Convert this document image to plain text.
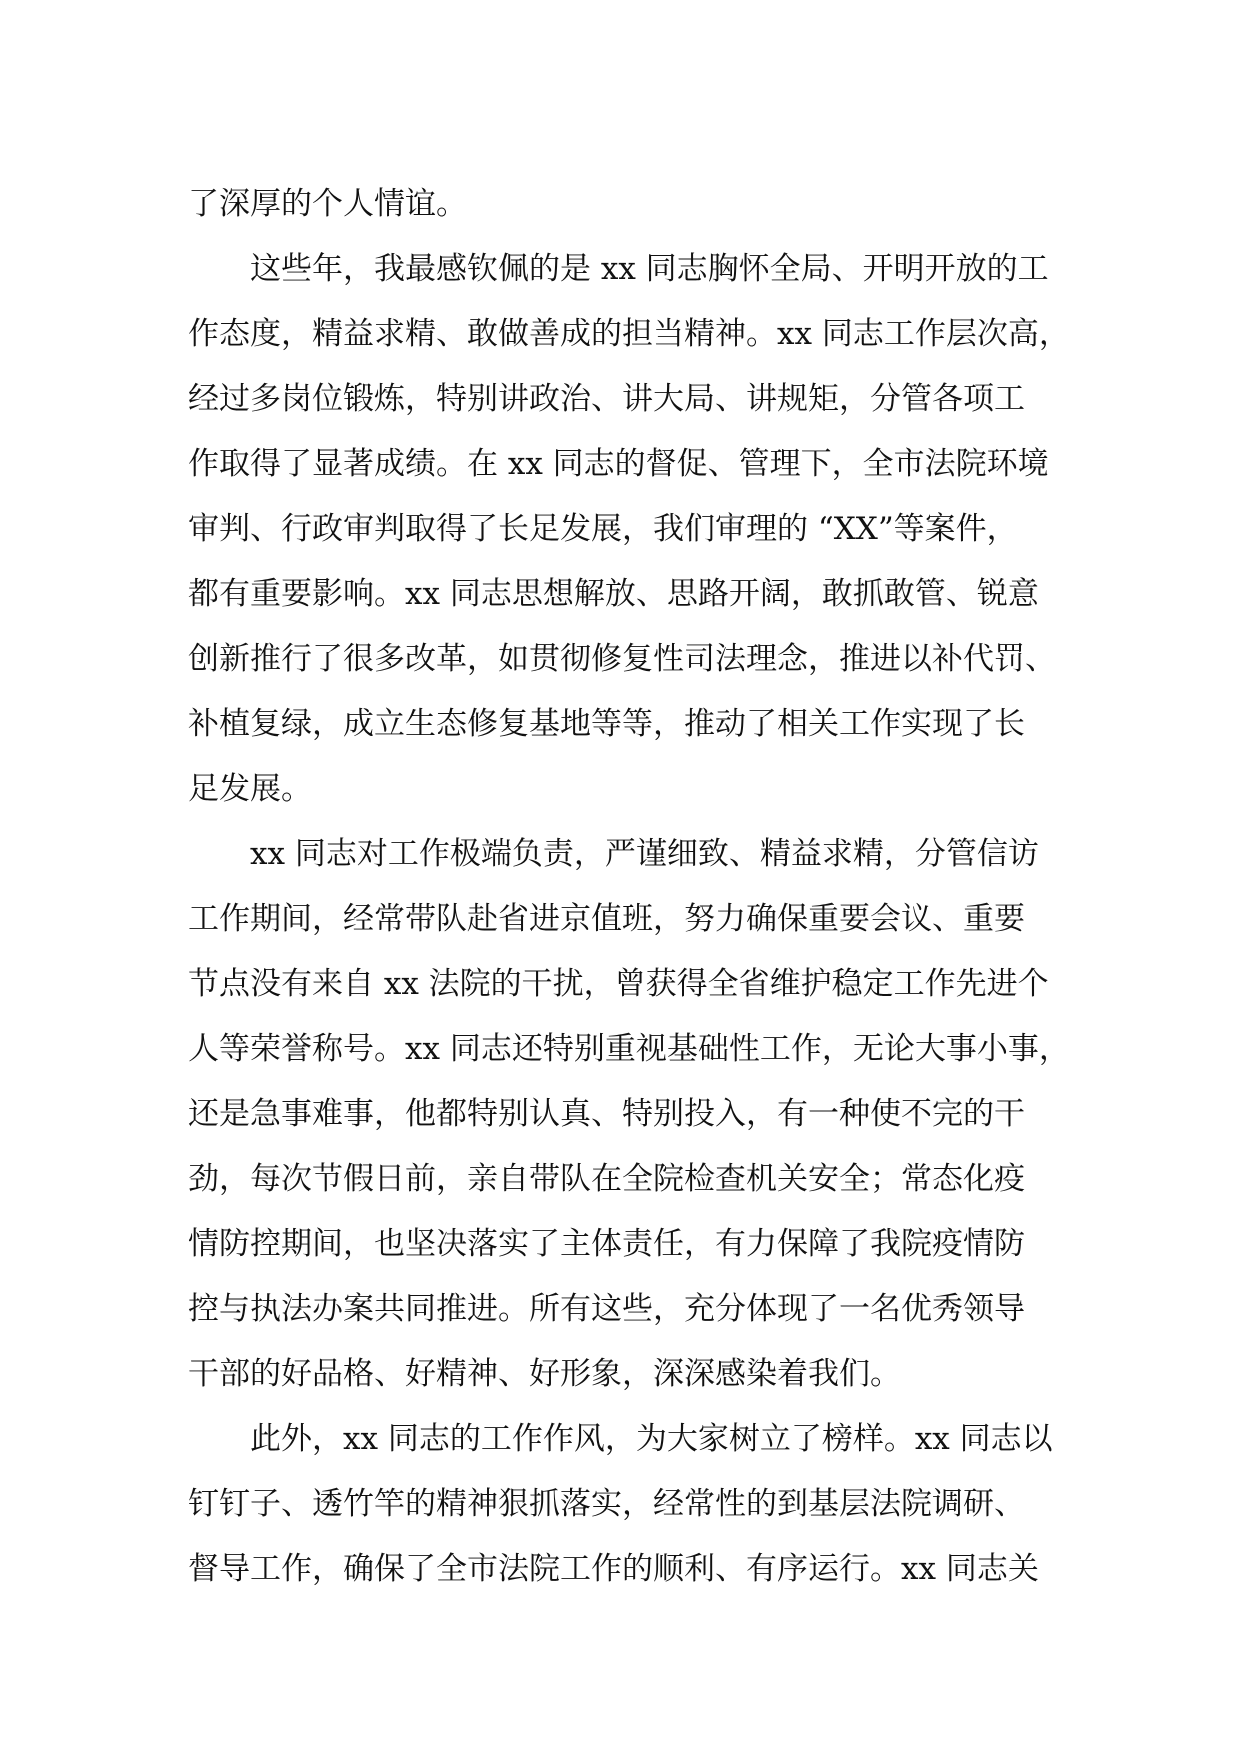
了深厚的个人情谊。
这些年，我最感钦佩的是 xx 同志胸怀全局、开明开放的工
作态度，精益求精、敢做善成的担当精神。xx 同志工作层次高，
经过多岗位锻炼，特别讲政治、讲大局、讲规矩，分管各项工
作取得了显著成绩。在 xx 同志的督促、管理下，全市法院环境
审判、行政审判取得了长足发展，我们审理的 “XX”等案件，
都有重要影响。xx 同志思想解放、思路开阔，敢抓敢管、锐意
创新推行了很多改革，如贯彻修复性司法理念，推进以补代罚、
补植复绿，成立生态修复基地等等，推动了相关工作实现了长
足发展。
xx 同志对工作极端负责，严谨细致、精益求精，分管信访
工作期间，经常带队赴省进京值班，努力确保重要会议、重要
节点没有来自 xx 法院的干扰，曾获得全省维护稳定工作先进个
人等荣誉称号。xx 同志还特别重视基础性工作，无论大事小事，
还是急事难事，他都特别认真、特别投入，有一种使不完的干
劲，每次节假日前，亲自带队在全院检查机关安全；常态化疫
情防控期间，也坚决落实了主体责任，有力保障了我院疫情防
控与执法办案共同推进。所有这些，充分体现了一名优秀领导
干部的好品格、好精神、好形象，深深感染着我们。
此外，xx 同志的工作作风，为大家树立了榜样。xx 同志以
钉钉子、透竹竿的精神狠抓落实，经常性的到基层法院调研、
督导工作，确保了全市法院工作的顺利、有序运行。xx 同志关
